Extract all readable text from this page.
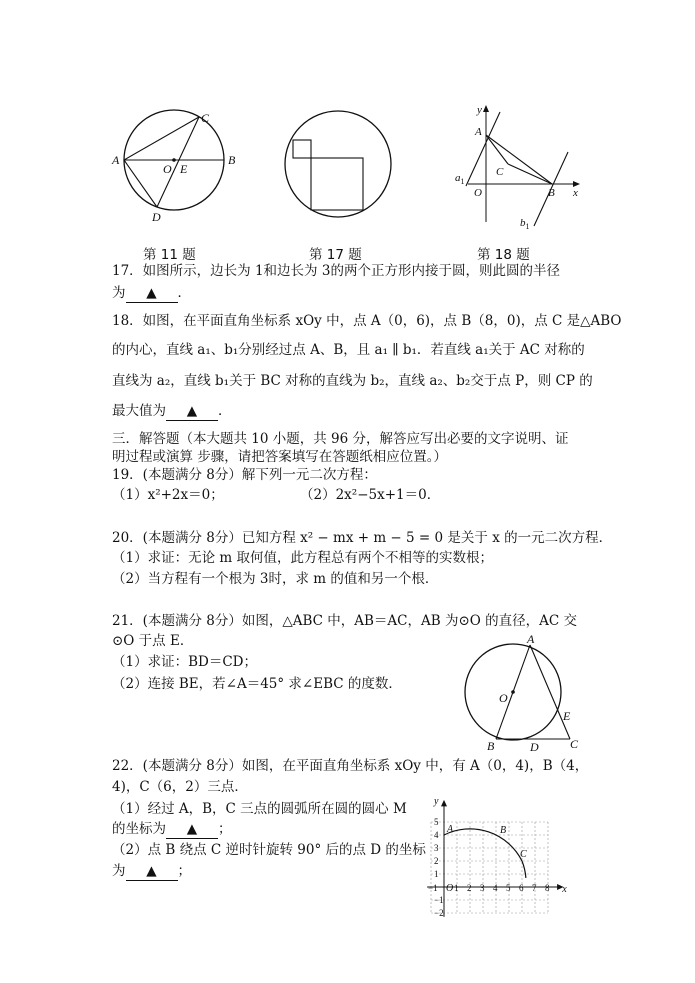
A	B
C
D
O E
y
x
A
B
C
O
$a_1$
$b_1$
第 11 题	第 17 题	第 18 题
17．如图所示，边长为 1和边长为 3的两个正方形内接于圆，则此圆的半径
为 ▲ ．
18．如图，在平面直角坐标系 xOy 中，点 A（0，6)，点 B（8，0)，点 C 是△ABO
的内心，直线 a₁、b₁分别经过点 A、B，且 a₁ ∥ b₁．若直线 a₁关于 AC 对称的
直线为 a₂，直线 b₁关于 BC 对称的直线为 b₂，直线 a₂、b₂交于点 P，则 CP 的
最大值为 ▲ ．
三．解答题（本大题共 10 小题，共 96 分，解答应写出必要的文字说明、证
明过程或演算 步骤，请把答案填写在答题纸相应位置。）
19．(本题满分 8分）解下列一元二次方程：
（1）x²+2x＝0；	（2）2x²−5x+1＝0．
20．(本题满分 8分）已知方程 x² − mx + m − 5 = 0 是关于 x 的一元二次方程．
（1）求证：无论 m 取何值，此方程总有两个不相等的实数根；
（2）当方程有一个根为 3时，求 m 的值和另一个根．
21．(本题满分 8分）如图，△ABC 中，AB＝AC，AB 为⊙O 的直径，AC 交
⊙O 于点 E．
（1）求证：BD＝CD；
（2）连接 BE，若∠A＝45° 求∠EBC 的度数．
A
B	C
D
E
O
22．(本题满分 8分）如图，在平面直角坐标系 xOy 中，有 A（0，4)，B（4，
4)，C（6，2）三点．
（1）经过 A，B，C 三点的圆弧所在圆的圆心 M
的坐标为 ▲ ；
（2）点 B 绕点 C 逆时针旋转 90° 后的点 D 的坐标
为 ▲ ；
−1 1 2 3 4 5 6 7 8
5
4
3
2
1
−1
−2
y
x
A	B
C
O
